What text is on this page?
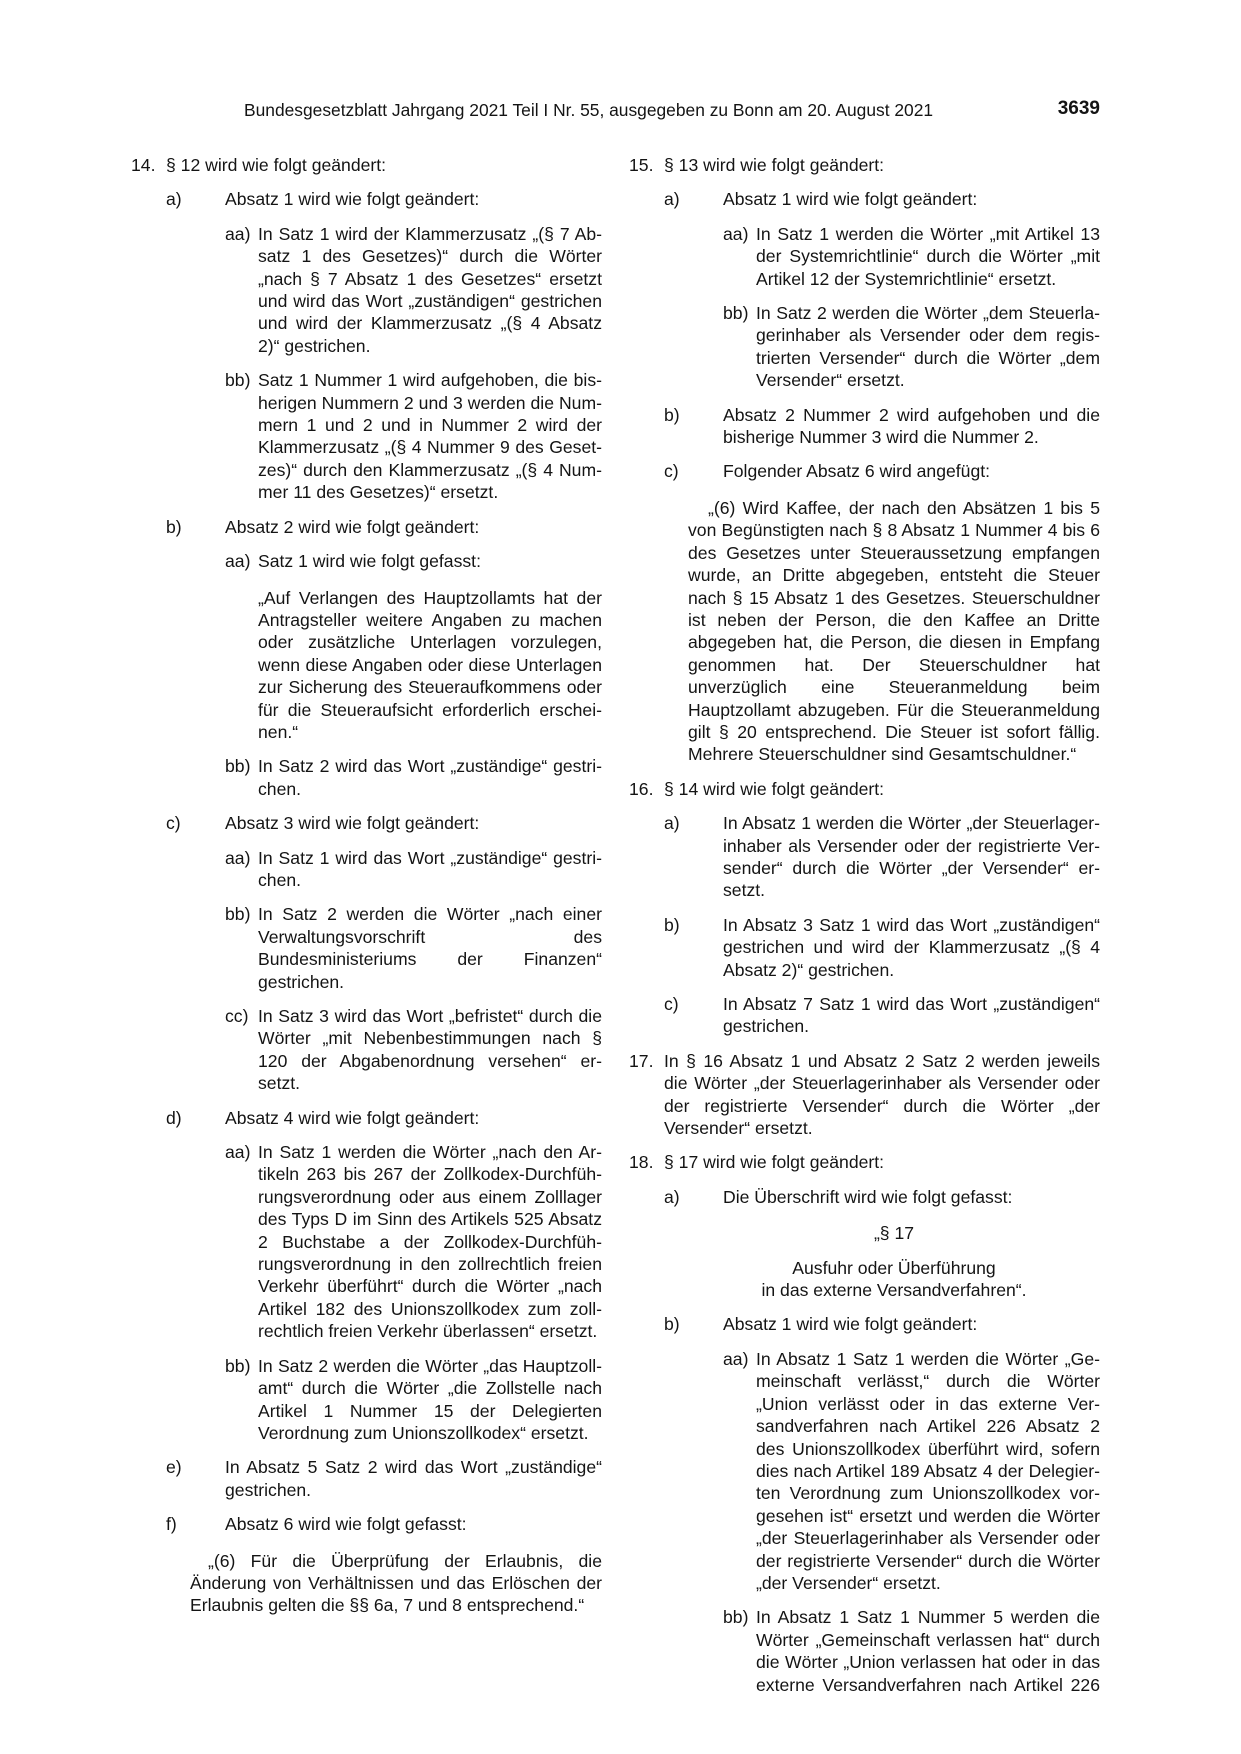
Bundesgesetzblatt Jahrgang 2021 Teil I Nr. 55, ausgegeben zu Bonn am 20. August 2021	3639
14. § 12 wird wie folgt geändert:

a) Absatz 1 wird wie folgt geändert:

aa) In Satz 1 wird der Klammerzusatz „(§ 7 Absatz 1 des Gesetzes)“ durch die Wörter „nach § 7 Absatz 1 des Gesetzes“ ersetzt und wird das Wort „zuständigen“ gestrichen und wird der Klammerzusatz „(§ 4 Absatz 2)“ gestrichen.

bb) Satz 1 Nummer 1 wird aufgehoben, die bisherigen Nummern 2 und 3 werden die Nummern 1 und 2 und in Nummer 2 wird der Klammerzusatz „(§ 4 Nummer 9 des Gesetzes)“ durch den Klammerzusatz „(§ 4 Nummer 11 des Gesetzes)“ ersetzt.

b) Absatz 2 wird wie folgt geändert:

aa) Satz 1 wird wie folgt gefasst:

„Auf Verlangen des Hauptzollamts hat der Antragsteller weitere Angaben zu machen oder zusätzliche Unterlagen vorzulegen, wenn diese Angaben oder diese Unterlagen zur Sicherung des Steueraufkommens oder für die Steueraufsicht erforderlich erscheinen.“

bb) In Satz 2 wird das Wort „zuständige“ gestrichen.

c)	Absatz 3 wird wie folgt geändert:

aa) In Satz 1 wird das Wort „zuständige“ gestrichen.

bb) In Satz 2 werden die Wörter „nach einer Verwaltungsvorschrift des Bundesministeriums der Finanzen“ gestrichen.

cc) In Satz 3 wird das Wort „befristet“ durch die Wörter „mit Nebenbestimmungen nach § 120 der Abgabenordnung versehen“ ersetzt.

d) Absatz 4 wird wie folgt geändert:

aa) In Satz 1 werden die Wörter „nach den Artikeln 263 bis 267 der Zollkodex-Durchführungsverordnung oder aus einem Zolllager des Typs D im Sinn des Artikels 525 Absatz 2 Buchstabe a der Zollkodex-Durchführungsverordnung in den zollrechtlich freien Verkehr überführt“ durch die Wörter „nach Artikel 182 des Unionszollkodex zum zollrechtlich freien Verkehr überlassen“ ersetzt.

bb) In Satz 2 werden die Wörter „das Hauptzollamt“ durch die Wörter „die Zollstelle nach Artikel 1 Nummer 15 der Delegierten Verordnung zum Unionszollkodex“ ersetzt.

e) In Absatz 5 Satz 2 wird das Wort „zuständige“ gestrichen.

f)	Absatz 6 wird wie folgt gefasst:

„(6) Für die Überprüfung der Erlaubnis, die Änderung von Verhältnissen und das Erlöschen der Erlaubnis gelten die §§ 6a, 7 und 8 entsprechend.“

15. § 13 wird wie folgt geändert:

a) Absatz 1 wird wie folgt geändert:

aa) In Satz 1 werden die Wörter „mit Artikel 13 der Systemrichtlinie“ durch die Wörter „mit Artikel 12 der Systemrichtlinie“ ersetzt.

bb) In Satz 2 werden die Wörter „dem Steuerlagerinhaber als Versender oder dem registrierten Versender“ durch die Wörter „dem Versender“ ersetzt.

b) Absatz 2 Nummer 2 wird aufgehoben und die bisherige Nummer 3 wird die Nummer 2.

c)	Folgender Absatz 6 wird angefügt:

„(6) Wird Kaffee, der nach den Absätzen 1 bis 5 von Begünstigten nach § 8 Absatz 1 Nummer 4 bis 6 des Gesetzes unter Steueraussetzung empfangen wurde, an Dritte abgegeben, entsteht die Steuer nach § 15 Absatz 1 des Gesetzes. Steuerschuldner ist neben der Person, die den Kaffee an Dritte abgegeben hat, die Person, die diesen in Empfang genommen hat. Der Steuerschuldner hat unverzüglich eine Steueranmeldung beim Hauptzollamt abzugeben. Für die Steueranmeldung gilt § 20 entsprechend. Die Steuer ist sofort fällig. Mehrere Steuerschuldner sind Gesamtschuldner.“

16. § 14 wird wie folgt geändert:

a) In Absatz 1 werden die Wörter „der Steuerlagerinhaber als Versender oder der registrierte Versender“ durch die Wörter „der Versender“ ersetzt.

b) In Absatz 3 Satz 1 wird das Wort „zuständigen“ gestrichen und wird der Klammerzusatz „(§ 4 Absatz 2)“ gestrichen.

c)	In Absatz 7 Satz 1 wird das Wort „zuständigen“ gestrichen.

17. In § 16 Absatz 1 und Absatz 2 Satz 2 werden jeweils die Wörter „der Steuerlagerinhaber als Versender oder der registrierte Versender“ durch die Wörter „der Versender“ ersetzt.

18. § 17 wird wie folgt geändert:

a) Die Überschrift wird wie folgt gefasst:

„§ 17

Ausfuhr oder Überführung

in das externe Versandverfahren“.

b) Absatz 1 wird wie folgt geändert:

aa) In Absatz 1 Satz 1 werden die Wörter „Gemeinschaft verlässt,“ durch die Wörter „Union verlässt oder in das externe Versandverfahren nach Artikel 226 Absatz 2 des Unionszollkodex überführt wird, sofern dies nach Artikel 189 Absatz 4 der Delegierten Verordnung zum Unionszollkodex vorgesehen ist“ ersetzt und werden die Wörter „der Steuerlagerinhaber als Versender oder der registrierte Versender“ durch die Wörter „der Versender“ ersetzt.

bb) In Absatz 1 Satz 1 Nummer 5 werden die Wörter „Gemeinschaft verlassen hat“ durch die Wörter „Union verlassen hat oder in das externe Versandverfahren nach Artikel 226
